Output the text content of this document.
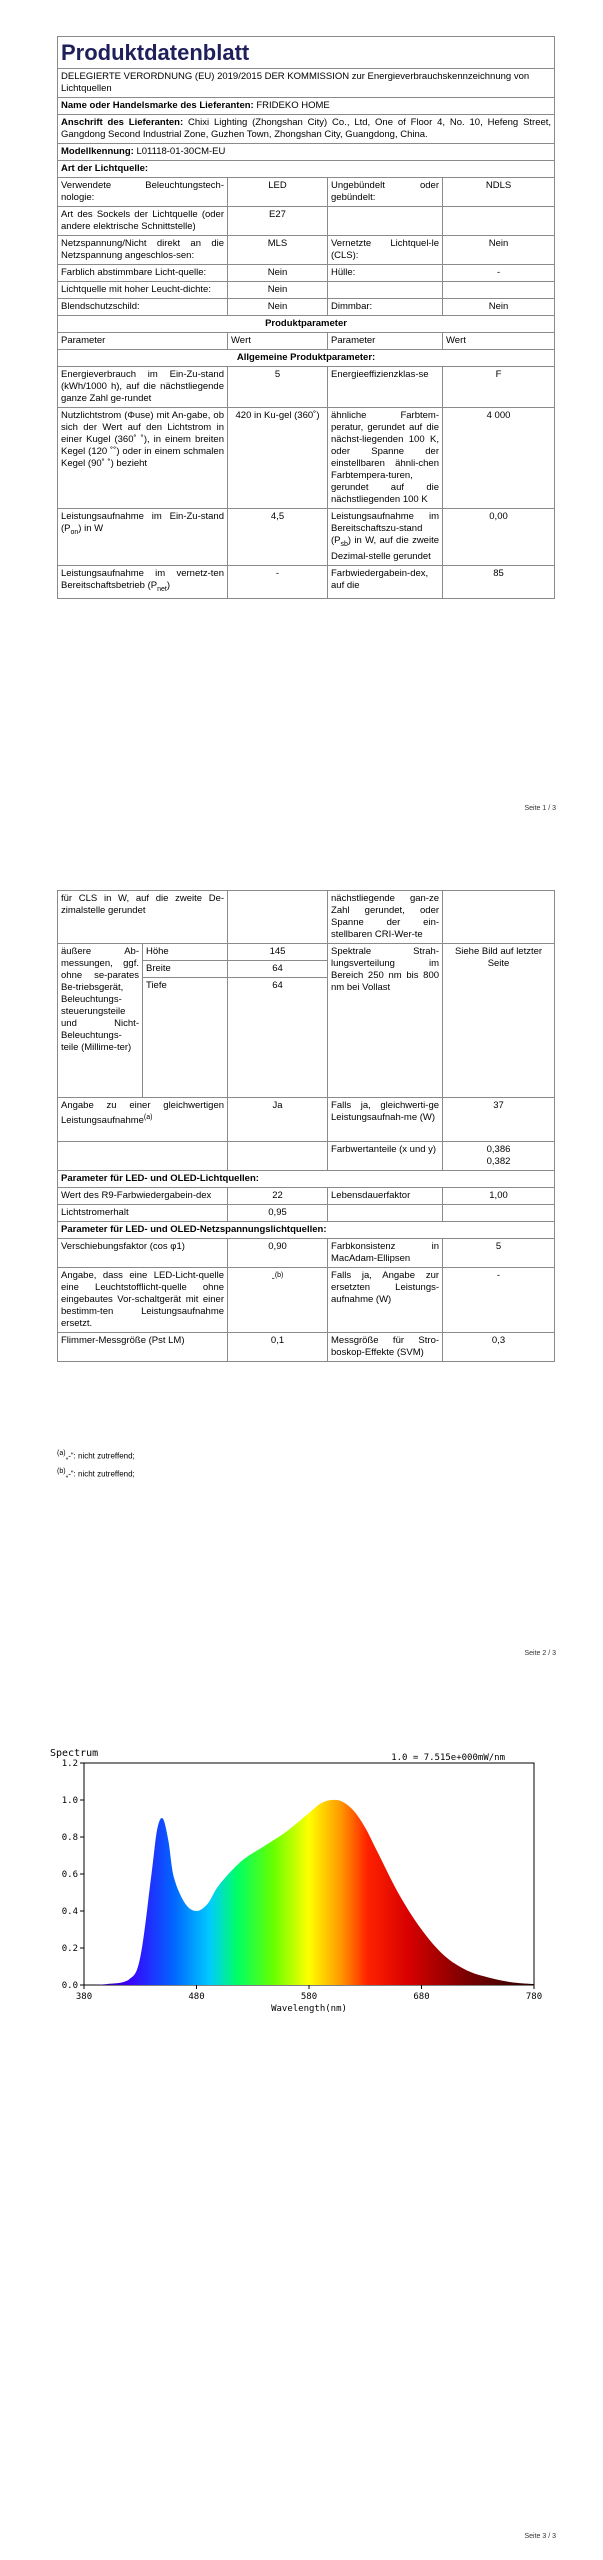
Produktdatenblatt			
DELEGIERTE VERORDNUNG (EU) 2019/2015 DER KOMMISSION zur Energieverbrauchskennzeichnung von Lichtquellen			
Name oder Handelsmarke des Lieferanten: FRIDEKO HOME			
Anschrift des Lieferanten: Chixi Lighting (Zhongshan City) Co., Ltd, One of Floor 4, No. 10, Hefeng Street, Gangdong Second Industrial Zone, Guzhen Town, Zhongshan City, Guangdong, China.			
Modellkennung: L01118-01-30CM-EU			
Art der Lichtquelle:			
Verwendete Beleuchtungstech-nologie:	LED	Ungebündelt oder gebündelt:	NDLS
Art des Sockels der Lichtquelle (oder andere elektrische Schnittstelle)	E27		
Netzspannung/Nicht direkt an die Netzspannung angeschlos-sen:	MLS	Vernetzte Lichtquel-le (CLS):	Nein
Farblich abstimmbare Licht-quelle:	Nein	Hülle:	-
Lichtquelle mit hoher Leucht-dichte:	Nein		
Blendschutzschild:	Nein	Dimmbar:	Nein
Produktparameter			
Parameter	Wert	Parameter	Wert
Allgemeine Produktparameter:			
Energieverbrauch im Ein-Zu-stand (kWh/1000 h), auf die nächstliegende ganze Zahl ge-rundet	5	Energieeffizienzklas-se	F
Nutzlichtstrom (Φuse) mit An-gabe, ob sich der Wert auf den Lichtstrom in einer Kugel (360˚ ˚), in einem breiten Kegel (120 ˚˚) oder in einem schmalen Kegel (90˚ ˚) bezieht	420 in Ku-gel (360˚)	ähnliche Farbtem-peratur, gerundet auf die nächst-liegenden 100 K, oder Spanne der einstellbaren ähnli-chen Farbtempera-turen, gerundet auf die nächstliegenden 100 K	4 000
Leistungsaufnahme im Ein-Zu-stand $(P_{on})$ in W	4,5	Leistungsaufnahme im Bereitschaftszu-stand $(P_{sb})$ in W, auf die zweite Dezimal-stelle gerundet	0,00
Leistungsaufnahme im vernetz-ten Bereitschaftsbetrieb $(P_{net})$	-	Farbwiedergabein-dex, auf die	85
Seite 1 / 3
für CLS in W, auf die zweite De-zimalstelle gerundet			nächstliegende gan-ze Zahl gerundet, oder Spanne der ein-stellbaren CRI-Wer-te	
äußere Ab-messungen, ggf. ohne se-parates Be-triebsgerät, Beleuchtungs-steuerungsteile und Nicht-Beleuchtungs-teile (Millime-ter)	Höhe	145	Spektrale Strah-lungsverteilung im Bereich 250 nm bis 800 nm bei Vollast	Siehe Bild auf letzter Seite
	Breite	64		
	Tiefe	64		
Angabe zu einer gleichwertigen Leistungsaufnahme$^{(a)}$		Ja	Falls ja, gleichwerti-ge Leistungsaufnah-me (W)	37
			Farbwertanteile (x und y)	0,386
0,382

Parameter für LED- und OLED-Lichtquellen:				
Wert des R9-Farbwiedergabein-dex		22	Lebensdauerfaktor	1,00
Lichtstromerhalt		0,95		
Parameter für LED- und OLED-Netzspannungslichtquellen:				
Verschiebungsfaktor (cos φ1)		0,90	Farbkonsistenz in MacAdam-Ellipsen	5
Angabe, dass eine LED-Licht-quelle eine Leuchtstofflicht-quelle ohne eingebautes Vor-schaltgerät mit einer bestimm-ten Leistungsaufnahme ersetzt.		-$^{(b)}$	Falls ja, Angabe zur ersetzten Leistungs-aufnahme (W)	-
Flimmer-Messgröße (Pst LM)		0,1	Messgröße für Stro-boskop-Effekte (SVM)	0,3
(a)„-“: nicht zutreffend;
(b)„-“: nicht zutreffend;
Seite 2 / 3
Seite 3 / 3
Spectrum	1.0 = 7.515e+000mW/nm
Wavelength(nm)
0.0
0.2
0.4
0.6
0.8
1.0
1.2
380	480	580	680	780
